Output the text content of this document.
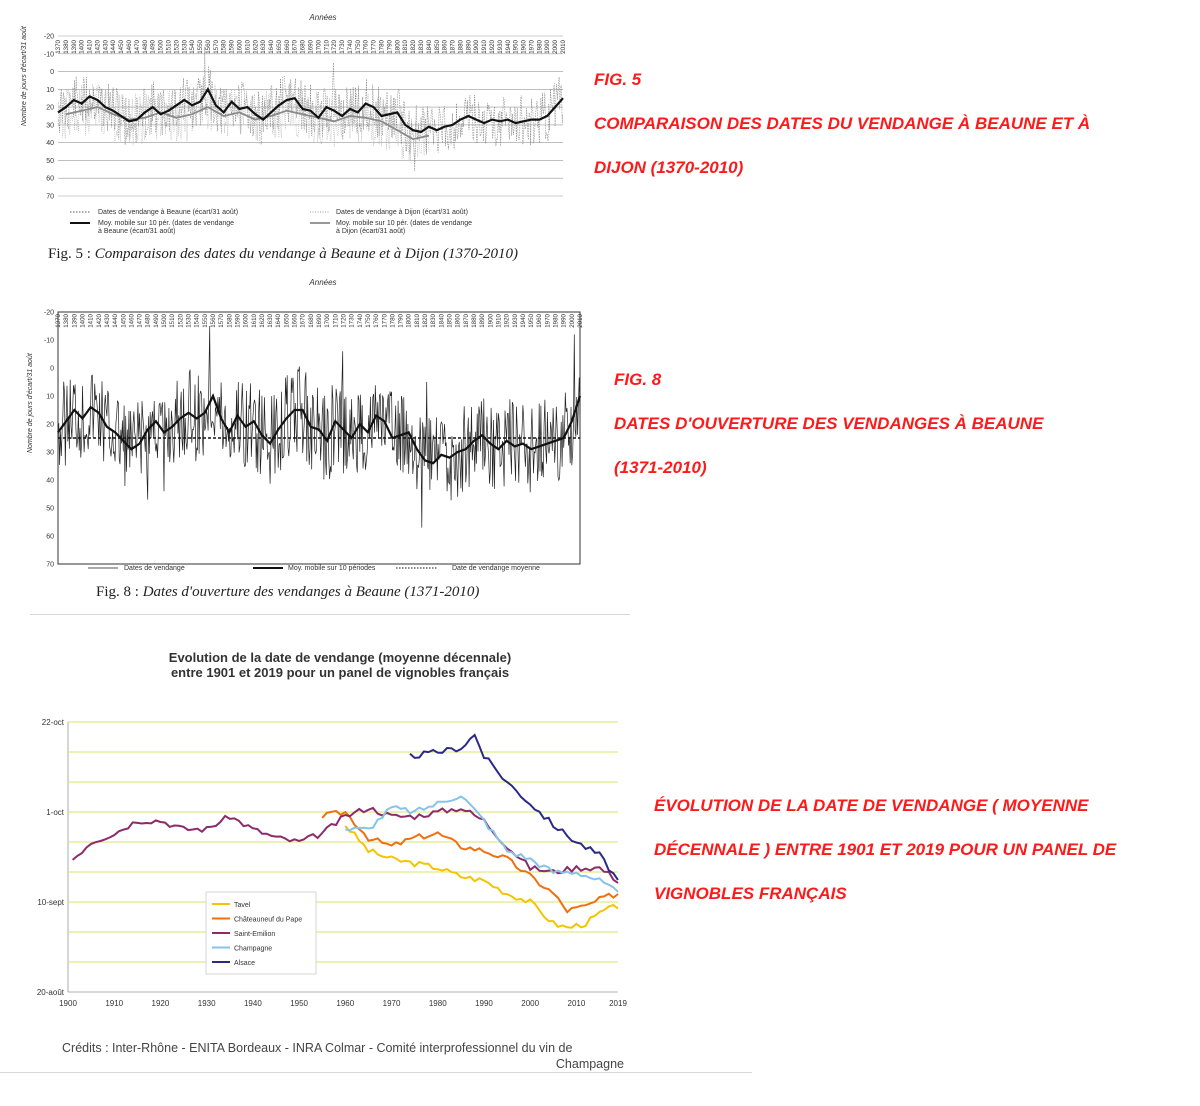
Années
1370 1380 1390 1400 1410 1420 1430 1440 1450 1460 1470 1480 1490 1500 1510 1520 1530 1540 1550 1560 1570 1580 1590 1600 1610 1620 1630 1640 1650 1660 1670 1680 1690 1700 1710 1720 1730 1740 1750 1760 1770 1780 1790 1800 1810 1820 1830 1840 1850 1860 1870 1880 1890 1900 1910 1920 1930 1940 1950 1960 1970 1980 1990 2000 2010
Nombre de jours d'écart/31 août -20
-10
0
10
20
30
40
50
60
70
Dates de vendange à Beaune (écart/31 août)
Moy. mobile sur 10 pér. (dates de vendange
à Beaune (écart/31 août)
Dates de vendange à Dijon (écart/31 août)
Moy. mobile sur 10 pér. (dates de vendange
à Dijon (écart/31 août)
Fig. 5 : Comparaison des dates du vendange à Beaune et à Dijon (1370-2010)
FIG. 5
COMPARAISON DES DATES DU VENDANGE À BEAUNE ET À
DIJON (1370-2010)
Années
1370 1380 1390 1400 1410 1420 1430 1440 1450 1460 1470 1480 1490 1500 1510 1520 1530 1540 1550 1560 1570 1580 1590 1600 1610 1620 1630 1640 1650 1660 1670 1680 1690 1700 1710 1720 1730 1740 1750 1760 1770 1780 1790 1800 1810 1820 1830 1840 1850 1860 1870 1880 1890 1900 1910 1920 1930 1940 1950 1960 1970 1980 1990 2000 2010
Nombre de jours d'écart/31 août
-20
-10
0
10
20
30
40
50
60
70	Dates de vendange	Moy. mobile sur 10 périodes	Date de vendange moyenne
Fig. 8 : Dates d'ouverture des vendanges à Beaune (1371-2010)
FIG. 8
DATES D'OUVERTURE DES VENDANGES À BEAUNE
(1371-2010)
Evolution de la date de vendange (moyenne décennale)
entre 1901 et 2019 pour un panel de vignobles français
22-oct
1-oct
10-sept
20-août
1900	1910	1920	1930	1940	1950	1960	1970	1980	1990	2000	2010	2019
Tavel
Châteauneuf du Pape
Saint-Emilion
Champagne
Alsace
Crédits : Inter-Rhône - ENITA Bordeaux - INRA Colmar - Comité interprofessionnel du vin de
Champagne
ÉVOLUTION DE LA DATE DE VENDANGE ( MOYENNE
DÉCENNALE ) ENTRE 1901 ET 2019 POUR UN PANEL DE
VIGNOBLES FRANÇAIS
